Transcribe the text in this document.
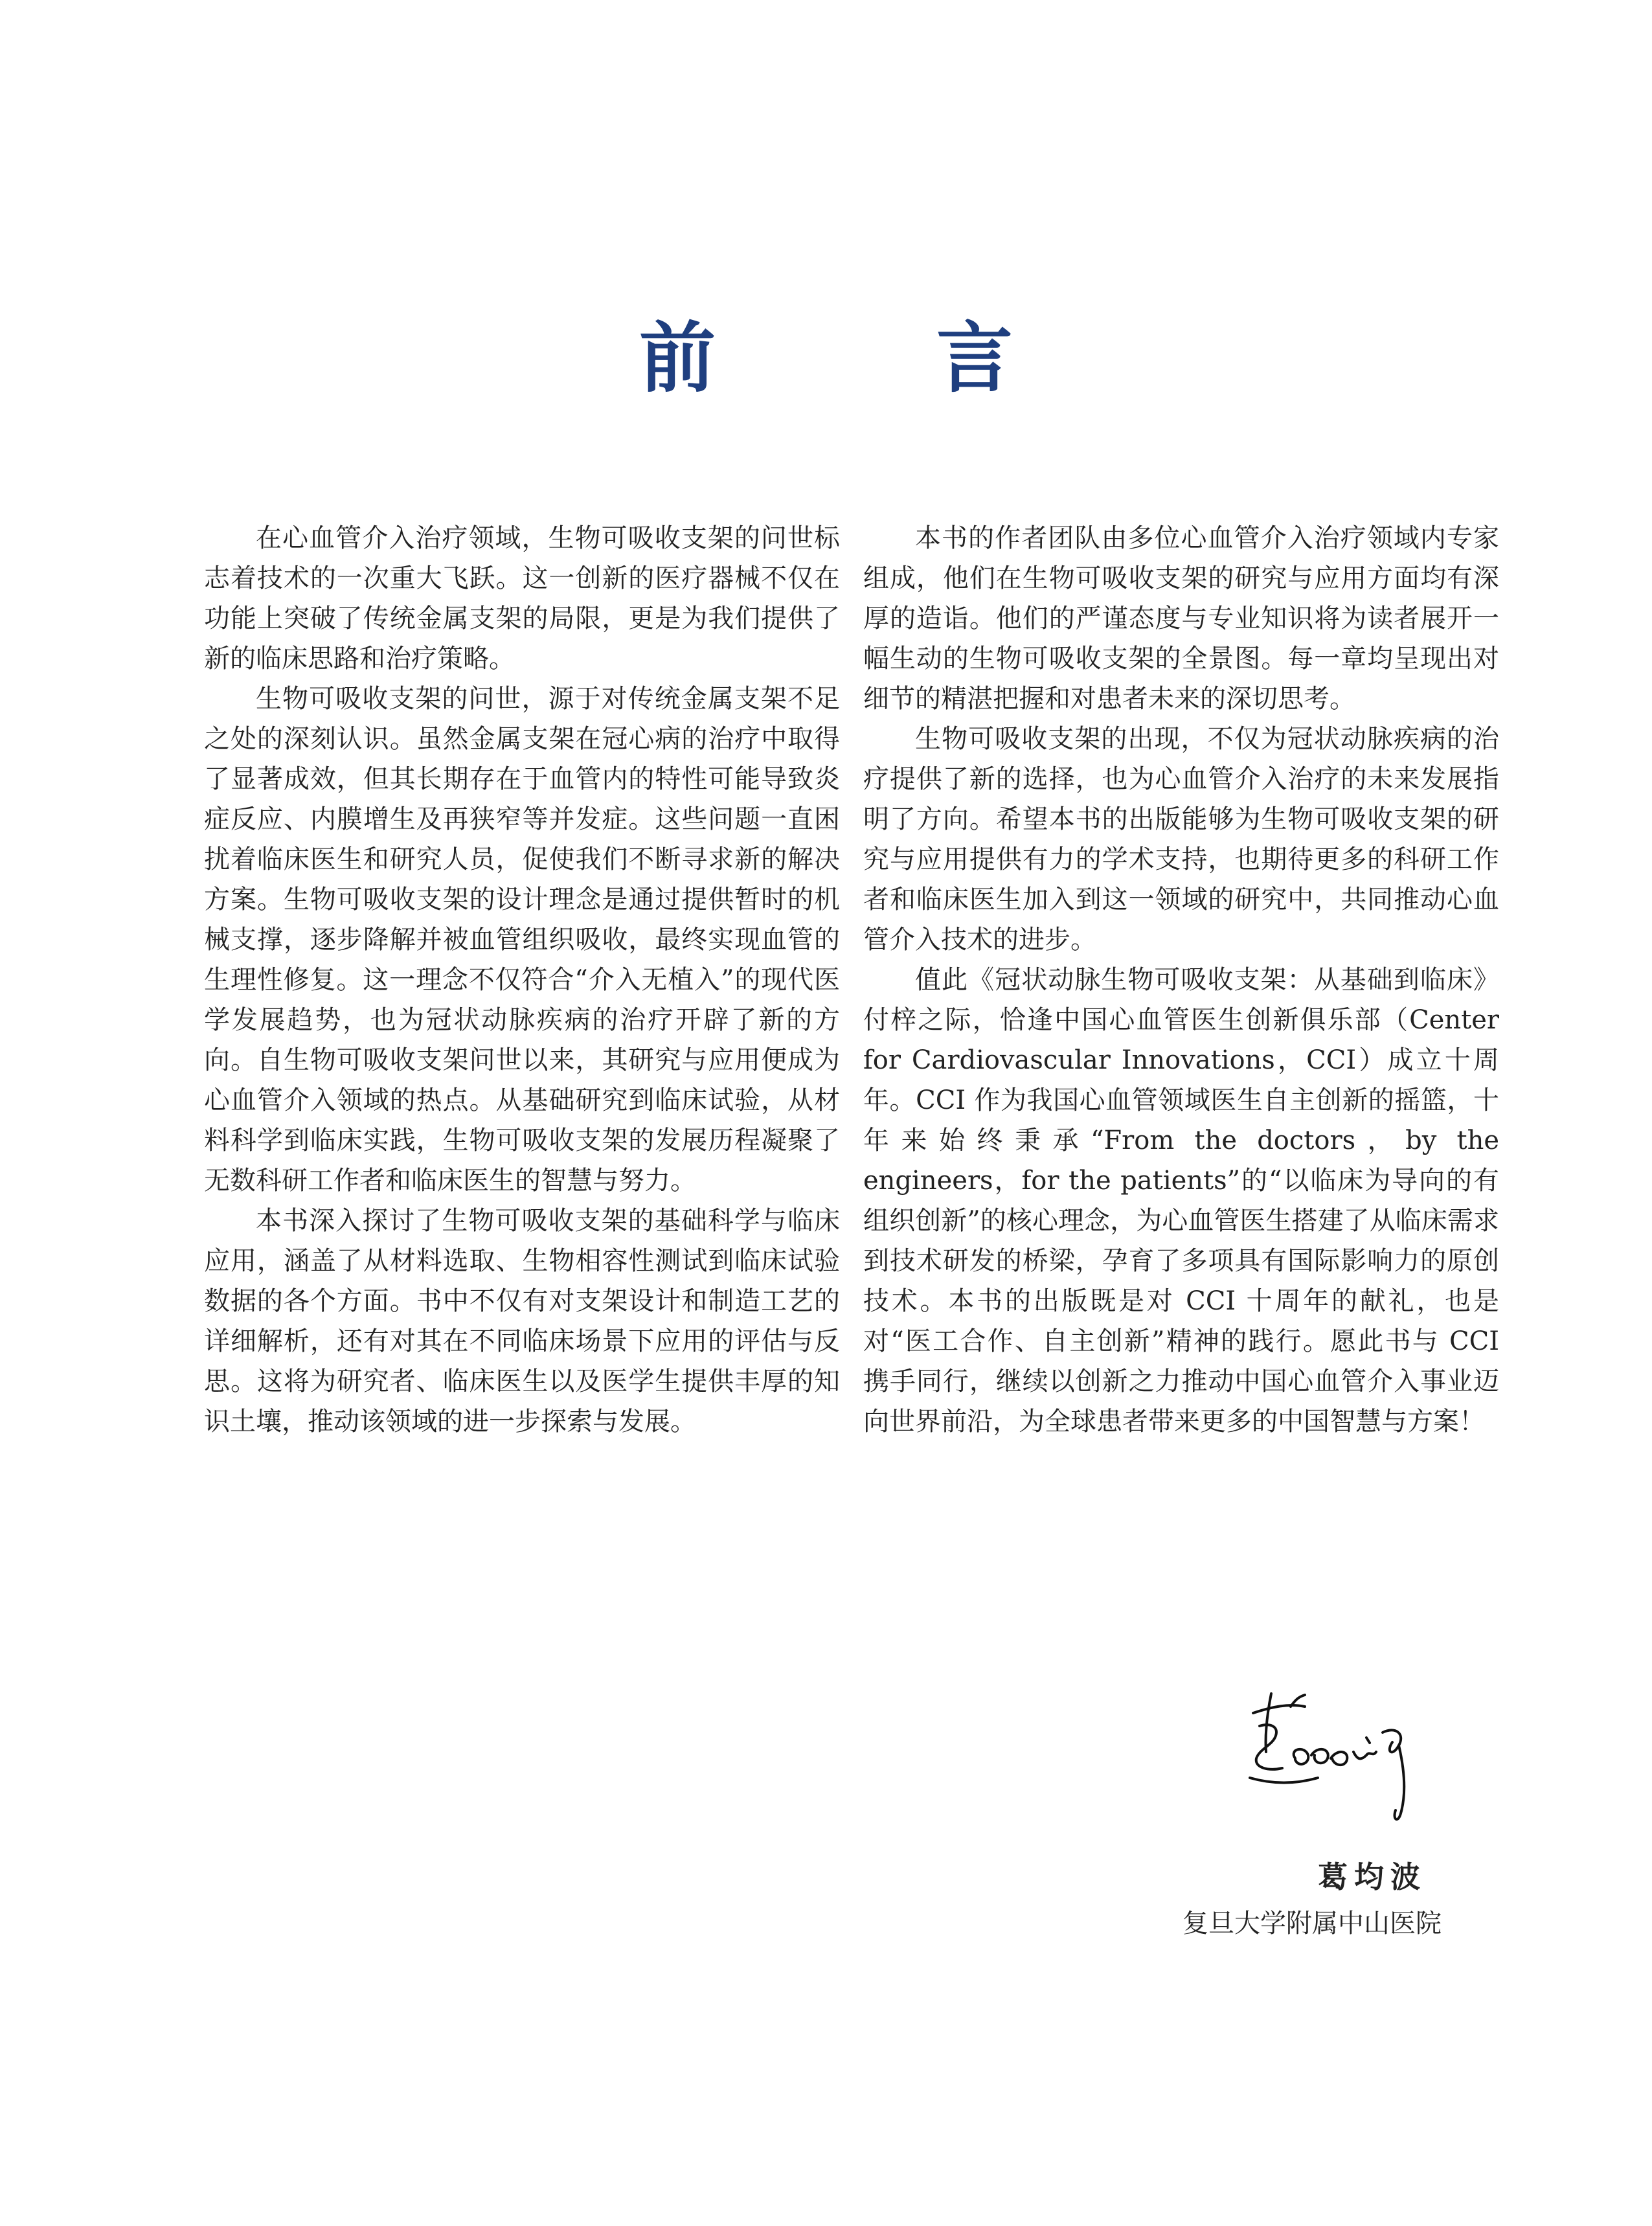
前 言

在心血管介入治疗领域，生物可吸收支架的问世标志着技术的一次重大飞跃。这一创新的医疗器械不仅在功能上突破了传统金属支架的局限，更是为我们提供了新的临床思路和治疗策略。

生物可吸收支架的问世，源于对传统金属支架不足之处的深刻认识。虽然金属支架在冠心病的治疗中取得了显著成效，但其长期存在于血管内的特性可能导致炎症反应、内膜增生及再狭窄等并发症。这些问题一直困扰着临床医生和研究人员，促使我们不断寻求新的解决方案。生物可吸收支架的设计理念是通过提供暂时的机械支撑，逐步降解并被血管组织吸收，最终实现血管的生理性修复。这一理念不仅符合“介入无植入”的现代医学发展趋势，也为冠状动脉疾病的治疗开辟了新的方向。自生物可吸收支架问世以来，其研究与应用便成为心血管介入领域的热点。从基础研究到临床试验，从材料科学到临床实践，生物可吸收支架的发展历程凝聚了无数科研工作者和临床医生的智慧与努力。

本书深入探讨了生物可吸收支架的基础科学与临床应用，涵盖了从材料选取、生物相容性测试到临床试验数据的各个方面。书中不仅有对支架设计和制造工艺的详细解析，还有对其在不同临床场景下应用的评估与反思。这将为研究者、临床医生以及医学生提供丰厚的知识土壤，推动该领域的进一步探索与发展。

本书的作者团队由多位心血管介入治疗领域内专家组成，他们在生物可吸收支架的研究与应用方面均有深厚的造诣。他们的严谨态度与专业知识将为读者展开一幅生动的生物可吸收支架的全景图。每一章均呈现出对细节的精湛把握和对患者未来的深切思考。

生物可吸收支架的出现，不仅为冠状动脉疾病的治疗提供了新的选择，也为心血管介入治疗的未来发展指明了方向。希望本书的出版能够为生物可吸收支架的研究与应用提供有力的学术支持，也期待更多的科研工作者和临床医生加入到这一领域的研究中，共同推动心血管介入技术的进步。

值此《冠状动脉生物可吸收支架：从基础到临床》付梓之际，恰逢中国心血管医生创新俱乐部（Center for Cardiovascular Innovations，CCI）成立十周年。CCI 作为我国心血管领域医生自主创新的摇篮，十年来始终秉承“From the doctors，by the engineers，for the patients”的“以临床为导向的有组织创新”的核心理念，为心血管医生搭建了从临床需求到技术研发的桥梁，孕育了多项具有国际影响力的原创技术。本书的出版既是对 CCI 十周年的献礼，也是对“医工合作、自主创新”精神的践行。愿此书与 CCI 携手同行，继续以创新之力推动中国心血管介入事业迈向世界前沿，为全球患者带来更多的中国智慧与方案！

葛均波
复旦大学附属中山医院
